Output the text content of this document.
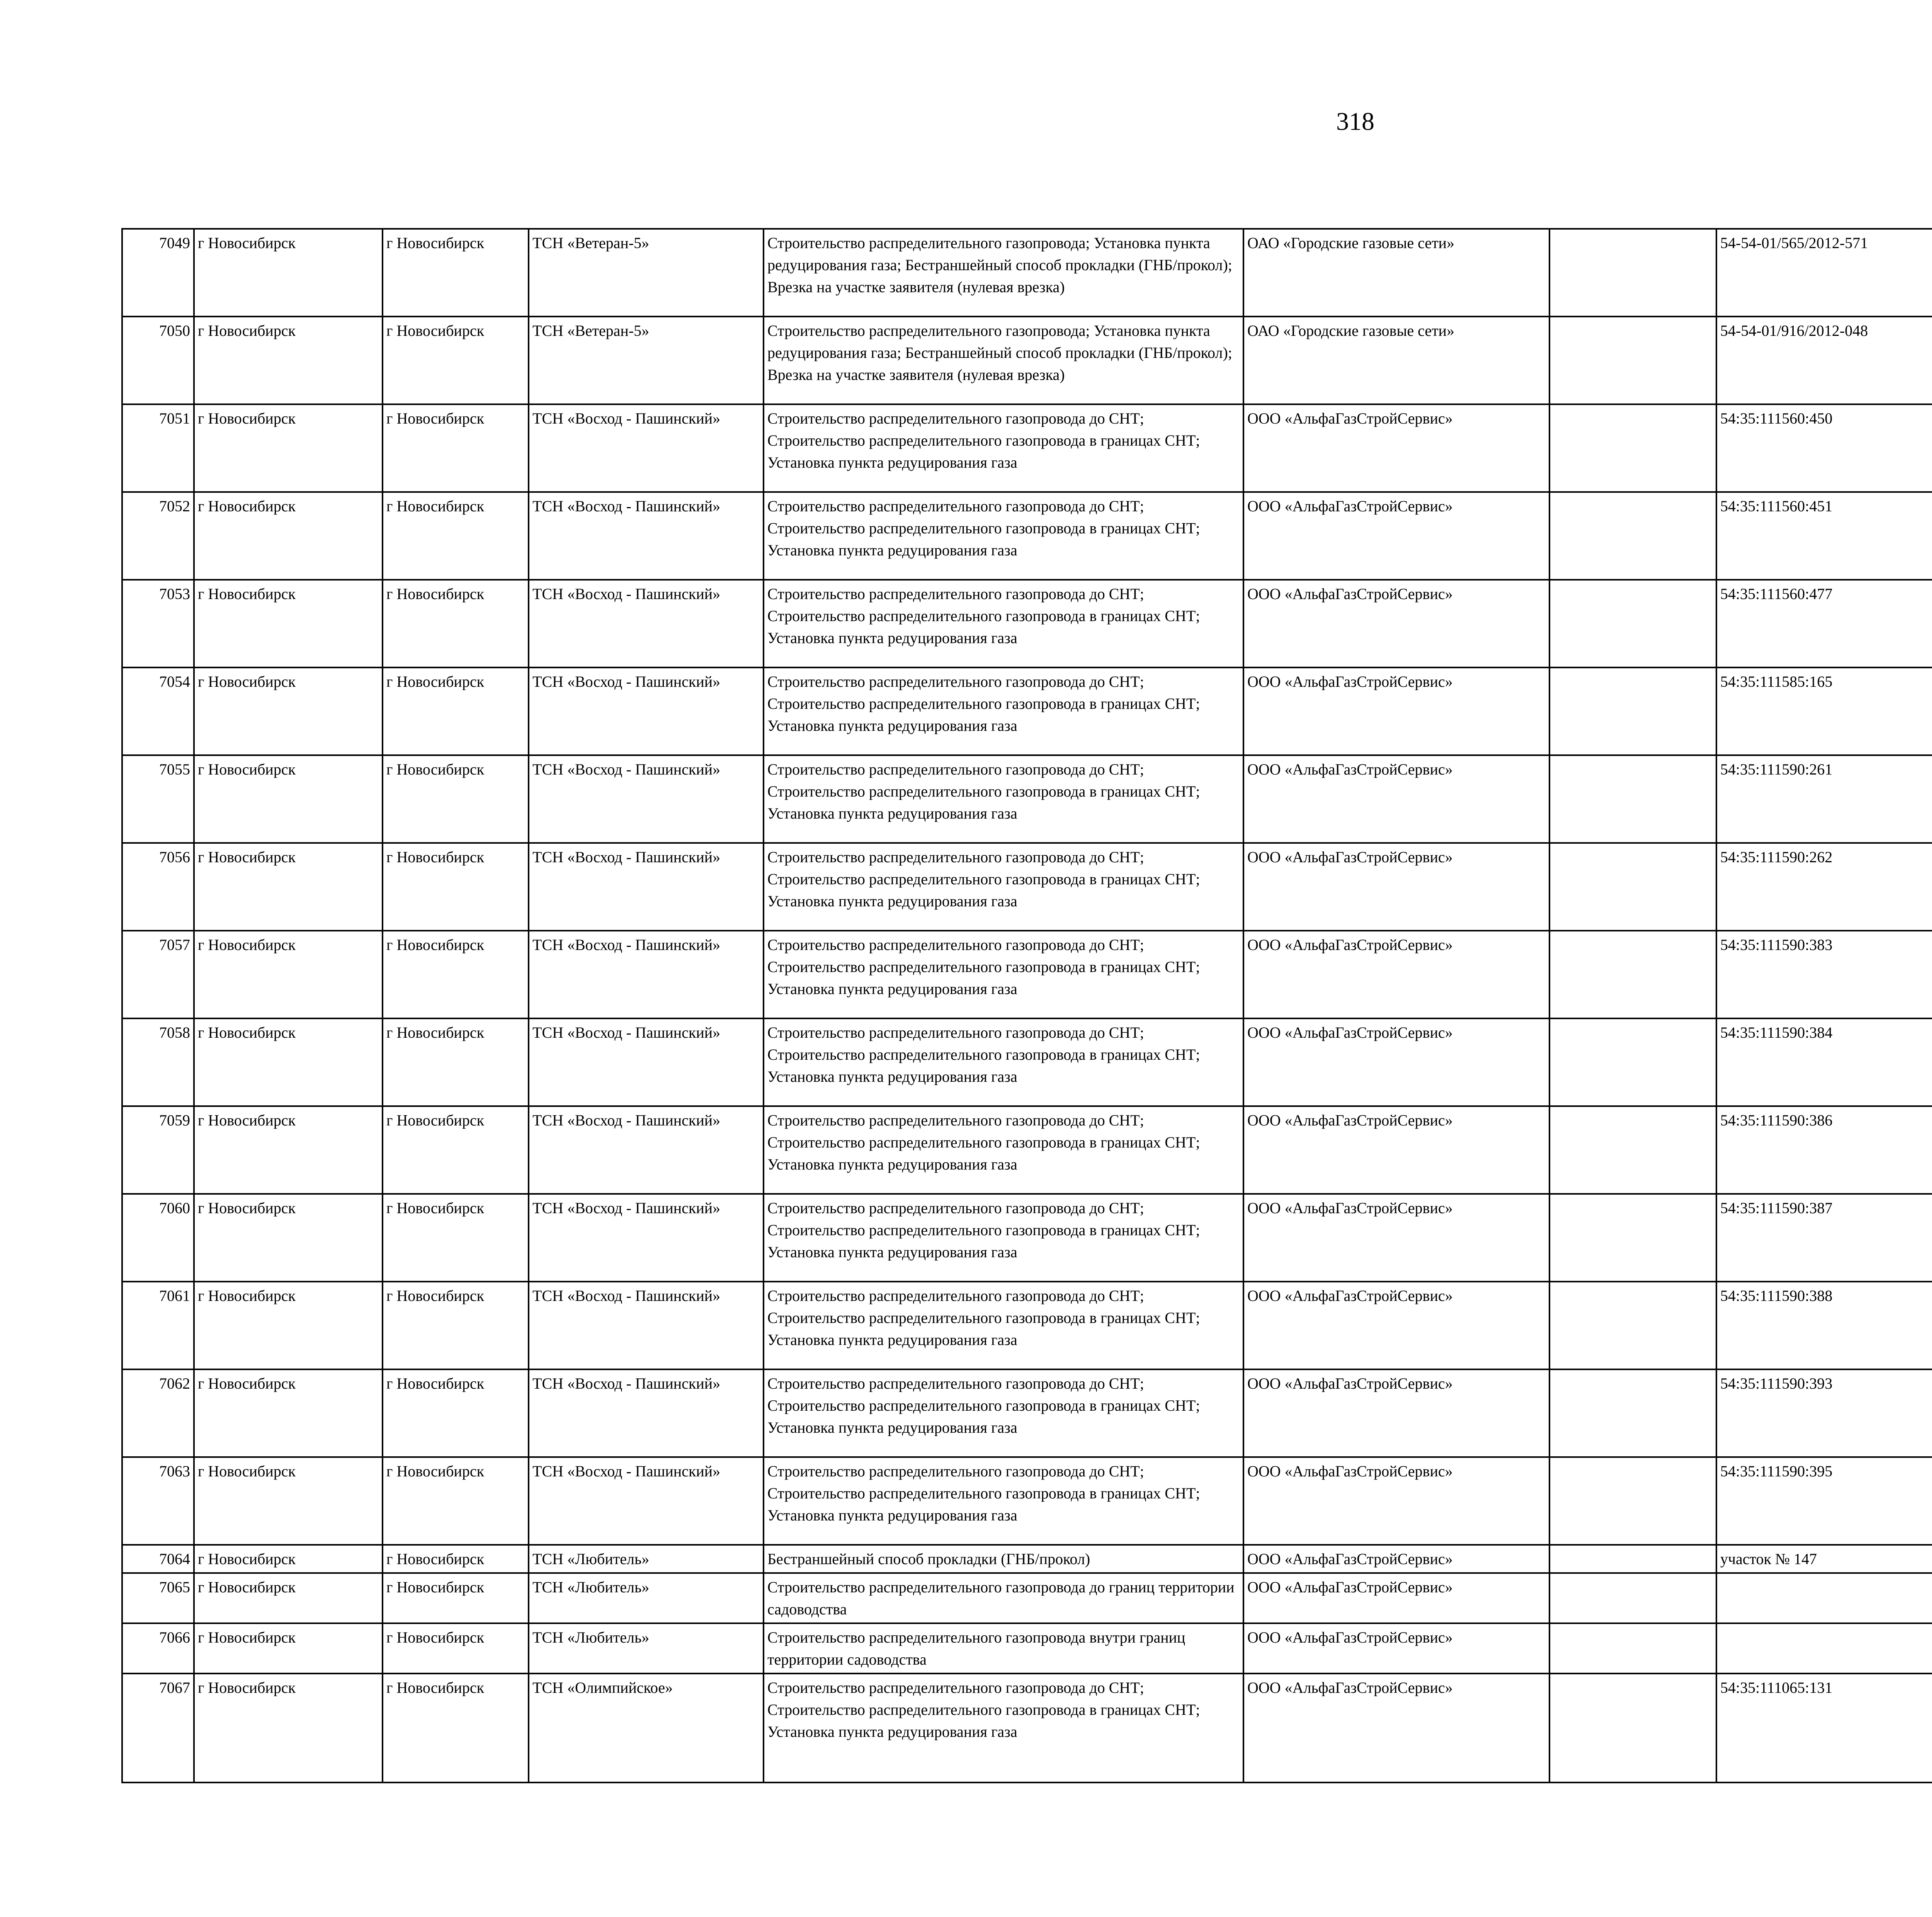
318
7049	г Новосибирск	г Новосибирск	ТСН «Ветеран-5»	Строительство распределительного газопровода; Установка пункта редуцирования газа; Бестраншейный способ прокладки (ГНБ/прокол); Врезка на участке заявителя (нулевая врезка)	ОАО «Городские газовые сети»		54-54-01/565/2012-571					
7050	г Новосибирск	г Новосибирск	ТСН «Ветеран-5»	Строительство распределительного газопровода; Установка пункта редуцирования газа; Бестраншейный способ прокладки (ГНБ/прокол); Врезка на участке заявителя (нулевая врезка)	ОАО «Городские газовые сети»		54-54-01/916/2012-048					
7051	г Новосибирск	г Новосибирск	ТСН «Восход - Пашинский»	Строительство распределительного газопровода до СНТ; Строительство распределительного газопровода в границах СНТ; Установка пункта редуцирования газа	ООО «АльфаГазСтройСервис»		54:35:111560:450					
7052	г Новосибирск	г Новосибирск	ТСН «Восход - Пашинский»	Строительство распределительного газопровода до СНТ; Строительство распределительного газопровода в границах СНТ; Установка пункта редуцирования газа	ООО «АльфаГазСтройСервис»		54:35:111560:451					
7053	г Новосибирск	г Новосибирск	ТСН «Восход - Пашинский»	Строительство распределительного газопровода до СНТ; Строительство распределительного газопровода в границах СНТ; Установка пункта редуцирования газа	ООО «АльфаГазСтройСервис»		54:35:111560:477					
7054	г Новосибирск	г Новосибирск	ТСН «Восход - Пашинский»	Строительство распределительного газопровода до СНТ; Строительство распределительного газопровода в границах СНТ; Установка пункта редуцирования газа	ООО «АльфаГазСтройСервис»		54:35:111585:165					
7055	г Новосибирск	г Новосибирск	ТСН «Восход - Пашинский»	Строительство распределительного газопровода до СНТ; Строительство распределительного газопровода в границах СНТ; Установка пункта редуцирования газа	ООО «АльфаГазСтройСервис»		54:35:111590:261					
7056	г Новосибирск	г Новосибирск	ТСН «Восход - Пашинский»	Строительство распределительного газопровода до СНТ; Строительство распределительного газопровода в границах СНТ; Установка пункта редуцирования газа	ООО «АльфаГазСтройСервис»		54:35:111590:262					
7057	г Новосибирск	г Новосибирск	ТСН «Восход - Пашинский»	Строительство распределительного газопровода до СНТ; Строительство распределительного газопровода в границах СНТ; Установка пункта редуцирования газа	ООО «АльфаГазСтройСервис»		54:35:111590:383					
7058	г Новосибирск	г Новосибирск	ТСН «Восход - Пашинский»	Строительство распределительного газопровода до СНТ; Строительство распределительного газопровода в границах СНТ; Установка пункта редуцирования газа	ООО «АльфаГазСтройСервис»		54:35:111590:384					
7059	г Новосибирск	г Новосибирск	ТСН «Восход - Пашинский»	Строительство распределительного газопровода до СНТ; Строительство распределительного газопровода в границах СНТ; Установка пункта редуцирования газа	ООО «АльфаГазСтройСервис»		54:35:111590:386					
7060	г Новосибирск	г Новосибирск	ТСН «Восход - Пашинский»	Строительство распределительного газопровода до СНТ; Строительство распределительного газопровода в границах СНТ; Установка пункта редуцирования газа	ООО «АльфаГазСтройСервис»		54:35:111590:387					
7061	г Новосибирск	г Новосибирск	ТСН «Восход - Пашинский»	Строительство распределительного газопровода до СНТ; Строительство распределительного газопровода в границах СНТ; Установка пункта редуцирования газа	ООО «АльфаГазСтройСервис»		54:35:111590:388					
7062	г Новосибирск	г Новосибирск	ТСН «Восход - Пашинский»	Строительство распределительного газопровода до СНТ; Строительство распределительного газопровода в границах СНТ; Установка пункта редуцирования газа	ООО «АльфаГазСтройСервис»		54:35:111590:393					
7063	г Новосибирск	г Новосибирск	ТСН «Восход - Пашинский»	Строительство распределительного газопровода до СНТ; Строительство распределительного газопровода в границах СНТ; Установка пункта редуцирования газа	ООО «АльфаГазСтройСервис»		54:35:111590:395					
7064	г Новосибирск	г Новосибирск	ТСН «Любитель»	Бестраншейный способ прокладки (ГНБ/прокол)	ООО «АльфаГазСтройСервис»		участок № 147					
7065	г Новосибирск	г Новосибирск	ТСН «Любитель»	Строительство распределительного газопровода до границ территории садоводства	ООО «АльфаГазСтройСервис»							
7066	г Новосибирск	г Новосибирск	ТСН «Любитель»	Строительство распределительного газопровода внутри границ территории садоводства	ООО «АльфаГазСтройСервис»							
7067	г Новосибирск	г Новосибирск	ТСН «Олимпийское»	Строительство распределительного газопровода до СНТ; Строительство распределительного газопровода в границах СНТ; Установка пункта редуцирования газа	ООО «АльфаГазСтройСервис»		54:35:111065:131					
